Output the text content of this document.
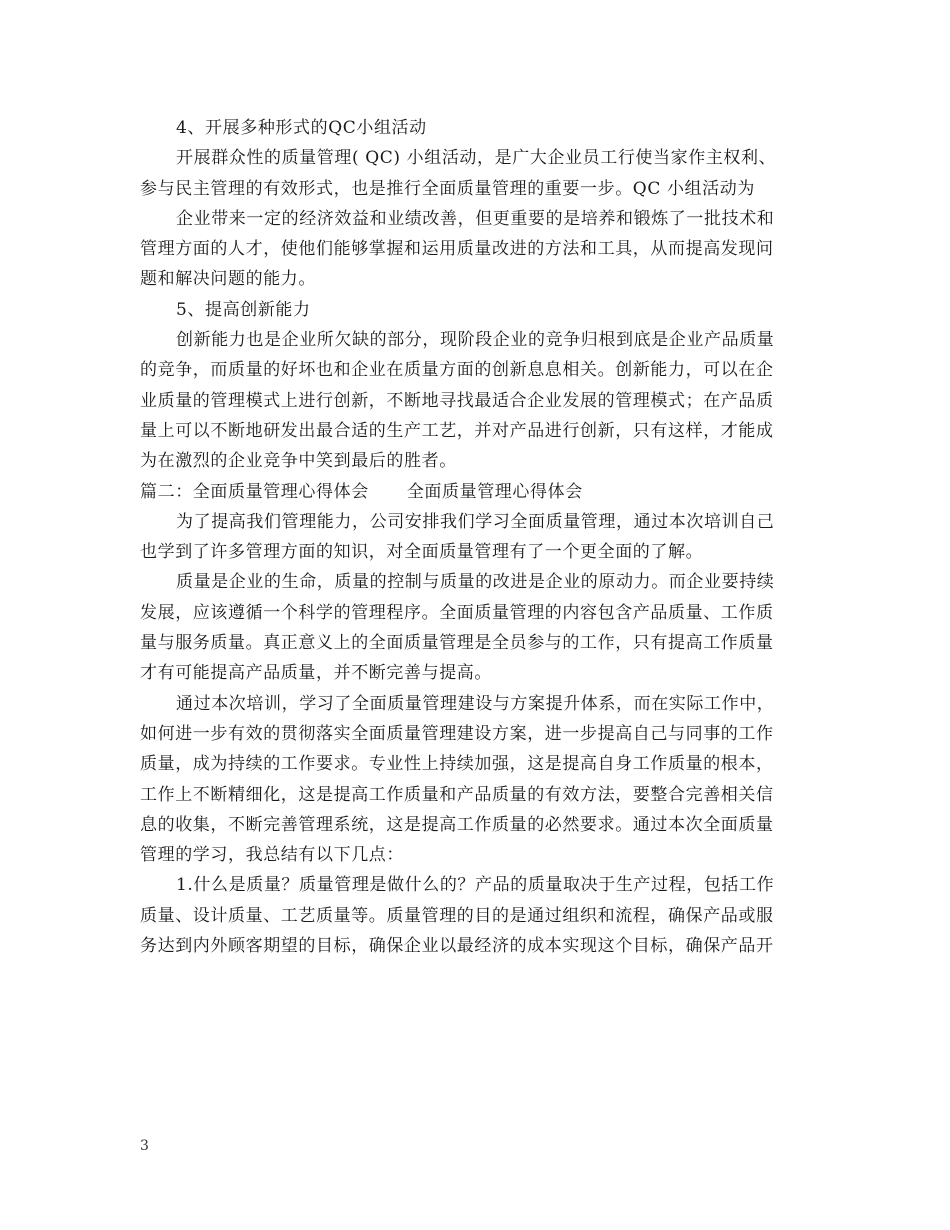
4、开展多种形式的QC小组活动
开展群众性的质量管理( QC) 小组活动，是广大企业员工行使当家作主权利、
参与民主管理的有效形式，也是推行全面质量管理的重要一步。QC 小组活动为
企业带来一定的经济效益和业绩改善，但更重要的是培养和锻炼了一批技术和
管理方面的人才，使他们能够掌握和运用质量改进的方法和工具，从而提高发现问
题和解决问题的能力。
5、提高创新能力
创新能力也是企业所欠缺的部分，现阶段企业的竞争归根到底是企业产品质量
的竞争，而质量的好坏也和企业在质量方面的创新息息相关。创新能力，可以在企
业质量的管理模式上进行创新，不断地寻找最适合企业发展的管理模式；在产品质
量上可以不断地研发出最合适的生产工艺，并对产品进行创新，只有这样，才能成
为在激烈的企业竞争中笑到最后的胜者。
篇二：全面质量管理心得体会 全面质量管理心得体会
为了提高我们管理能力，公司安排我们学习全面质量管理，通过本次培训自己
也学到了许多管理方面的知识，对全面质量管理有了一个更全面的了解。
质量是企业的生命，质量的控制与质量的改进是企业的原动力。而企业要持续
发展，应该遵循一个科学的管理程序。全面质量管理的内容包含产品质量、工作质
量与服务质量。真正意义上的全面质量管理是全员参与的工作，只有提高工作质量
才有可能提高产品质量，并不断完善与提高。
通过本次培训，学习了全面质量管理建设与方案提升体系，而在实际工作中，
如何进一步有效的贯彻落实全面质量管理建设方案，进一步提高自己与同事的工作
质量，成为持续的工作要求。专业性上持续加强，这是提高自身工作质量的根本，
工作上不断精细化，这是提高工作质量和产品质量的有效方法，要整合完善相关信
息的收集，不断完善管理系统，这是提高工作质量的必然要求。通过本次全面质量
管理的学习，我总结有以下几点：
1.什么是质量？质量管理是做什么的？产品的质量取决于生产过程，包括工作
质量、设计质量、工艺质量等。质量管理的目的是通过组织和流程，确保产品或服
务达到内外顾客期望的目标，确保企业以最经济的成本实现这个目标，确保产品开
3
